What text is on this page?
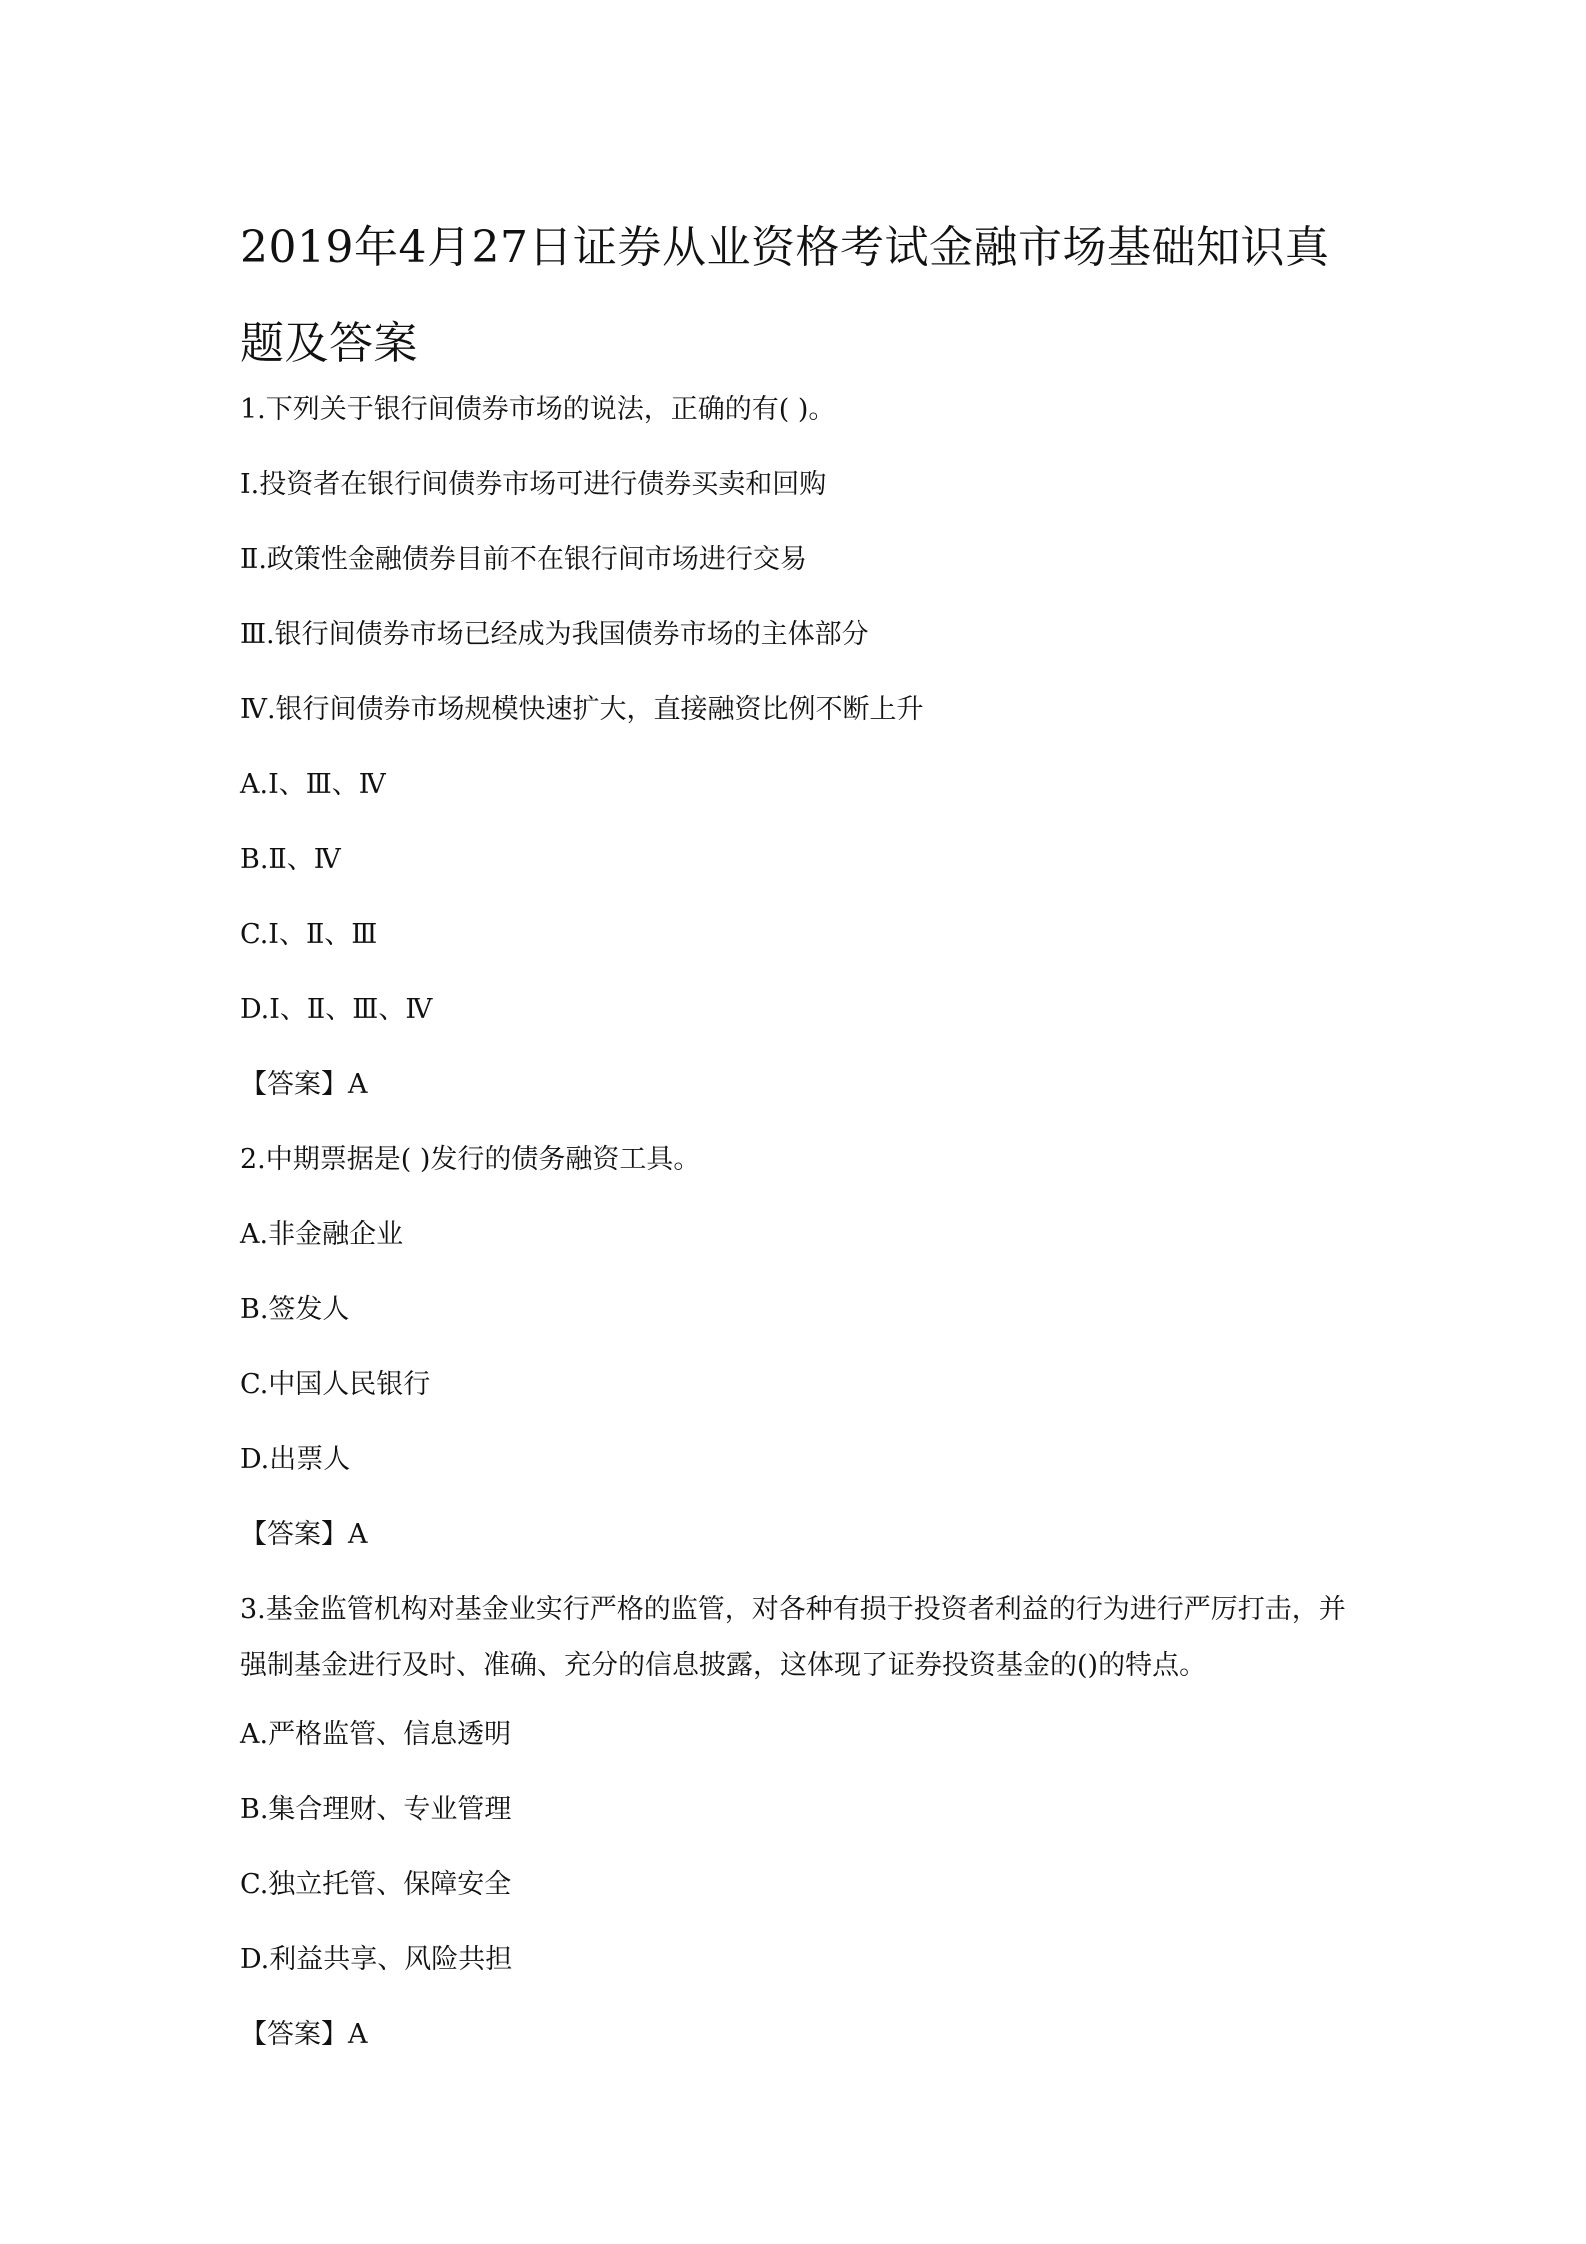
2019年4月27日证券从业资格考试金融市场基础知识真题及答案

1.下列关于银行间债券市场的说法，正确的有( )。

Ⅰ.投资者在银行间债券市场可进行债券买卖和回购

Ⅱ.政策性金融债券目前不在银行间市场进行交易

Ⅲ.银行间债券市场已经成为我国债券市场的主体部分

Ⅳ.银行间债券市场规模快速扩大，直接融资比例不断上升

A.Ⅰ、Ⅲ、Ⅳ

B.Ⅱ、Ⅳ

C.Ⅰ、Ⅱ、Ⅲ

D.Ⅰ、Ⅱ、Ⅲ、Ⅳ

【答案】A

2.中期票据是( )发行的债务融资工具。

A.非金融企业

B.签发人

C.中国人民银行

D.出票人

【答案】A

3.基金监管机构对基金业实行严格的监管，对各种有损于投资者利益的行为进行严厉打击，并强制基金进行及时、准确、充分的信息披露，这体现了证券投资基金的()的特点。

A.严格监管、信息透明

B.集合理财、专业管理

C.独立托管、保障安全

D.利益共享、风险共担

【答案】A
